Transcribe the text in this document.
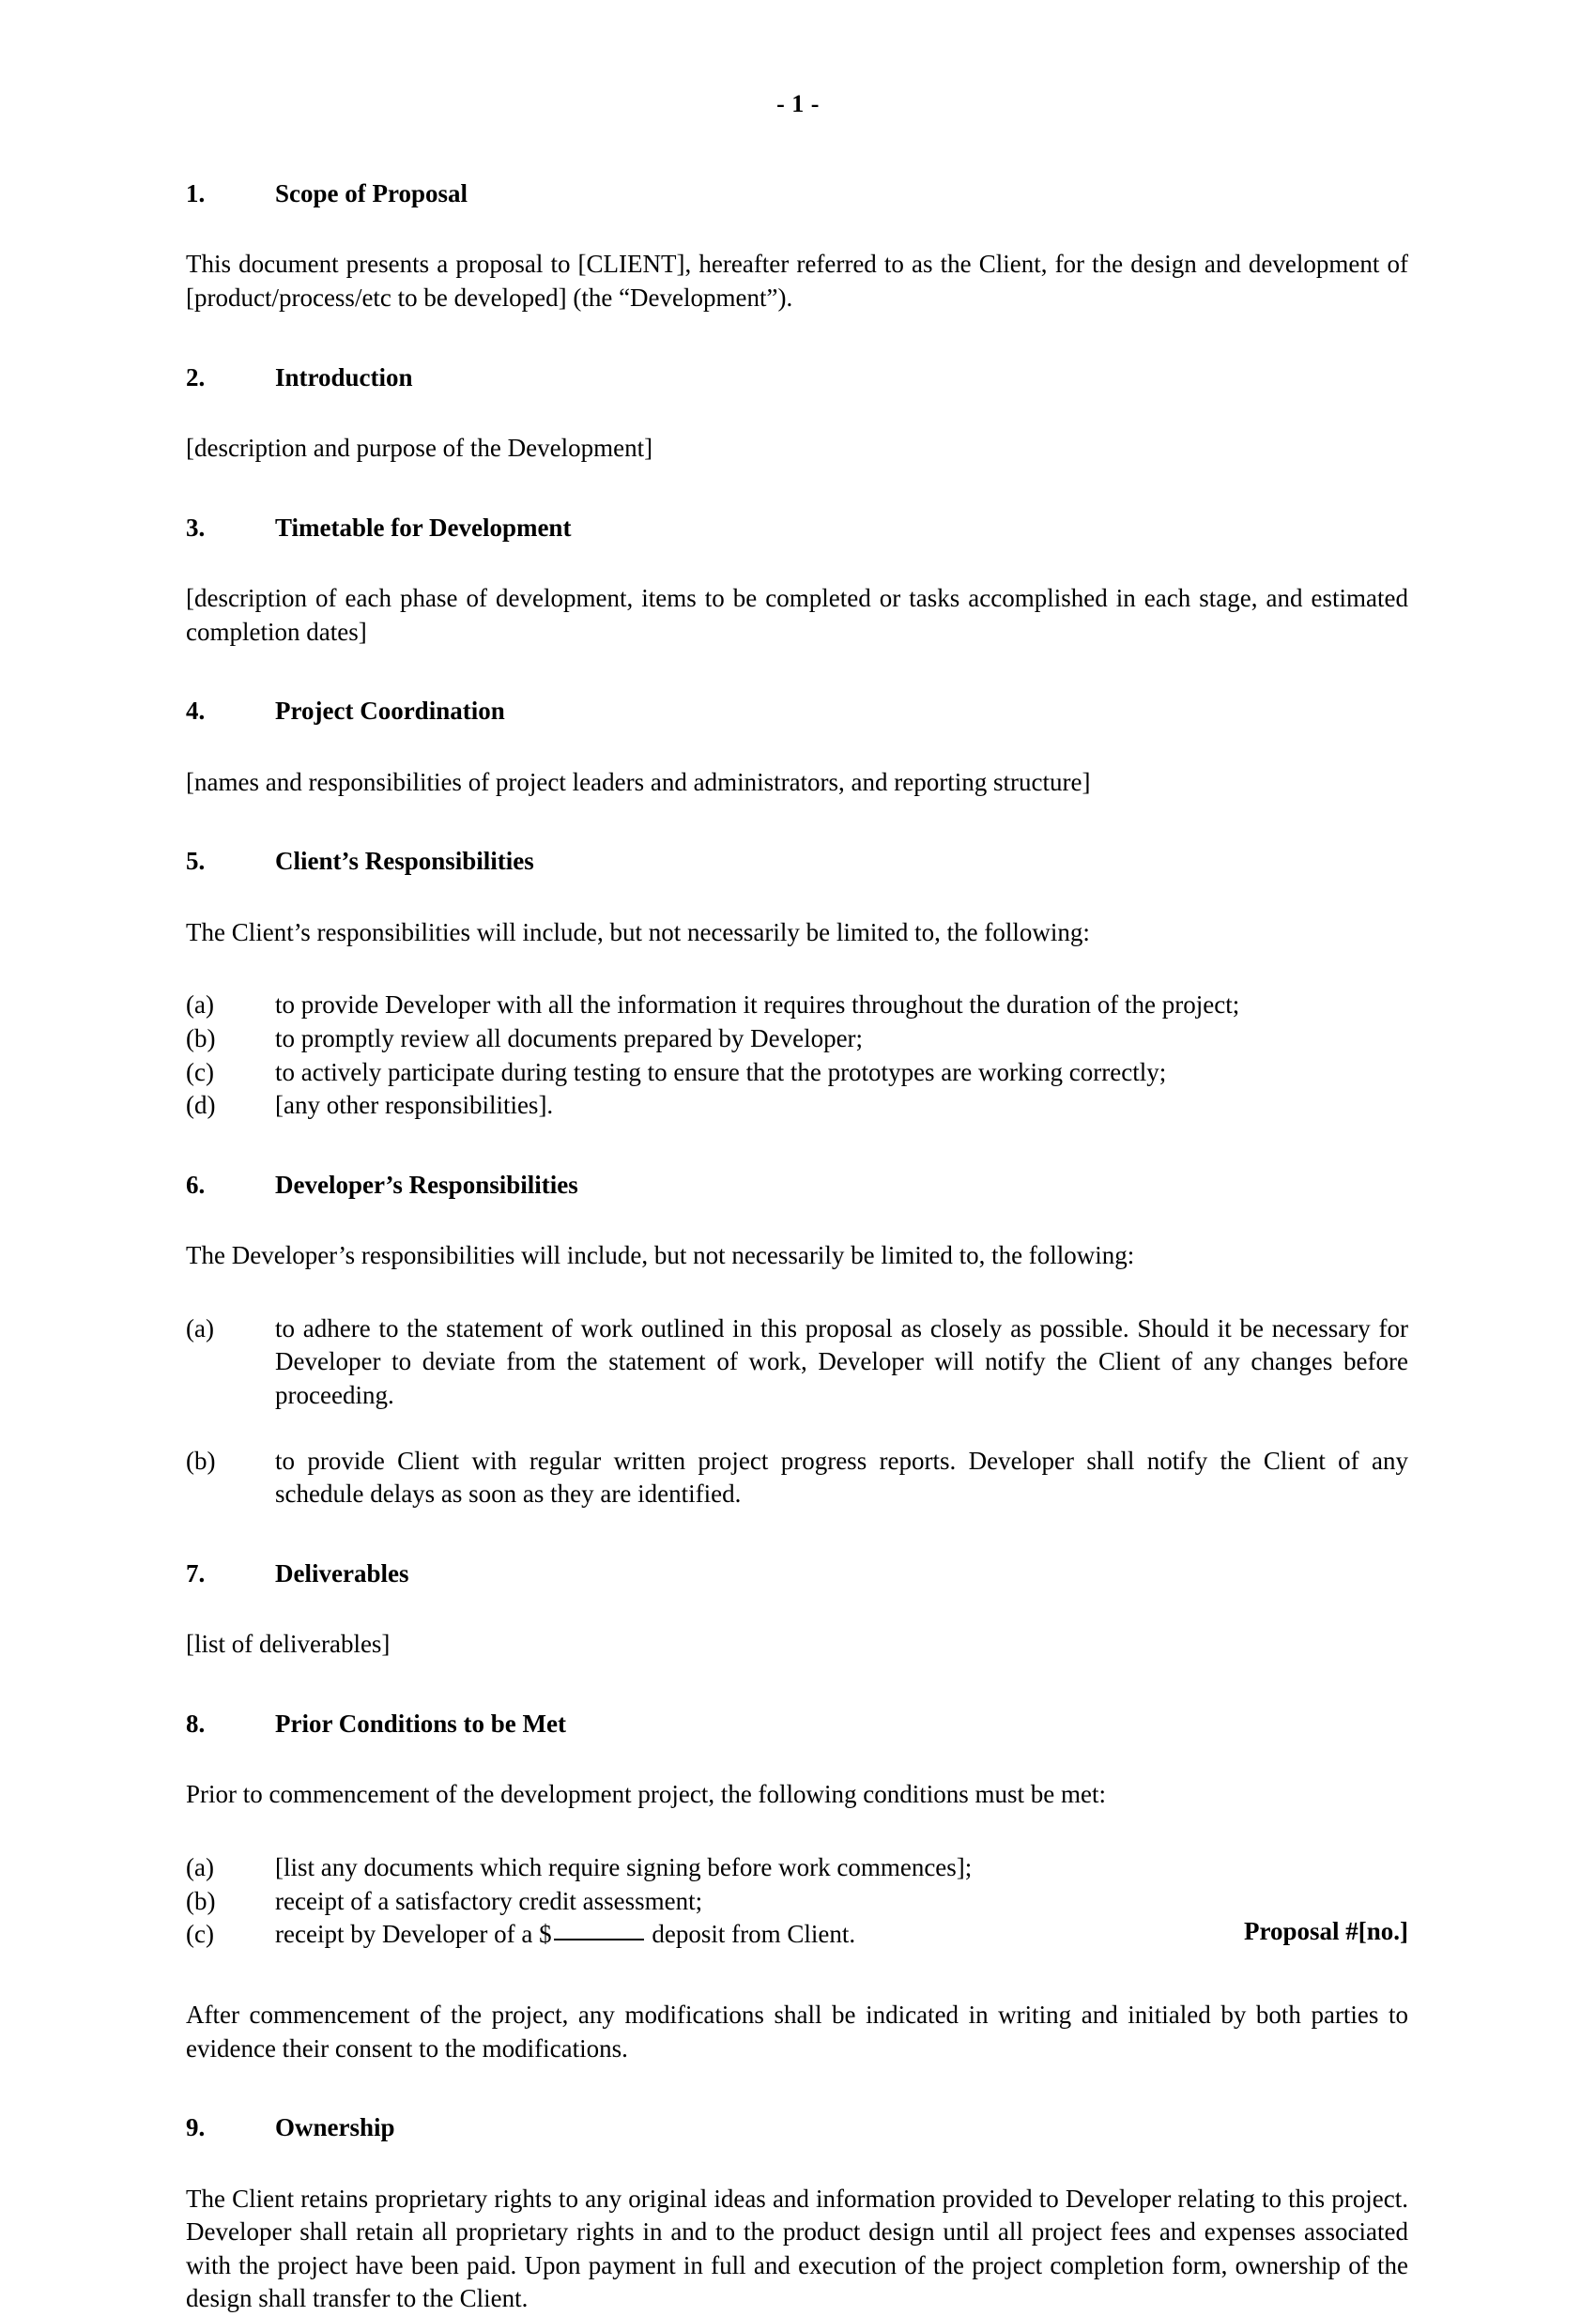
- 1 -
1.	Scope of Proposal

This document presents a proposal to [CLIENT], hereafter referred to as the Client, for the design and development of [product/process/etc to be developed] (the “Development”).

2.	Introduction

[description and purpose of the Development]

3.	Timetable for Development

[description of each phase of development, items to be completed or tasks accomplished in each stage, and estimated completion dates]

4.	Project Coordination

[names and responsibilities of project leaders and administrators, and reporting structure]

5.	Client’s Responsibilities

The Client’s responsibilities will include, but not necessarily be limited to, the following:

(a)	to provide Developer with all the information it requires throughout the duration of the project;
(b)	to promptly review all documents prepared by Developer;
(c)	to actively participate during testing to ensure that the prototypes are working correctly;
(d)	[any other responsibilities].
6.	Developer’s Responsibilities

The Developer’s responsibilities will include, but not necessarily be limited to, the following:

(a)	to adhere to the statement of work outlined in this proposal as closely as possible. Should it be necessary for Developer to deviate from the statement of work, Developer will notify the Client of any changes before proceeding.
(b)	to provide Client with regular written project progress reports. Developer shall notify the Client of any schedule delays as soon as they are identified.
7.	Deliverables

[list of deliverables]

8.	Prior Conditions to be Met

Prior to commencement of the development project, the following conditions must be met:

(a)	[list any documents which require signing before work commences];
(b)	receipt of a satisfactory credit assessment;
(c)	receipt by Developer of a $	deposit from Client.

After commencement of the project, any modifications shall be indicated in writing and initialed by both parties to evidence their consent to the modifications.

9.	Ownership

The Client retains proprietary rights to any original ideas and information provided to Developer relating to this project. Developer shall retain all proprietary rights in and to the product design until all project fees and expenses associated with the project have been paid. Upon payment in full and execution of the project completion form, ownership of the design shall transfer to the Client.

Proposal #[no.]
